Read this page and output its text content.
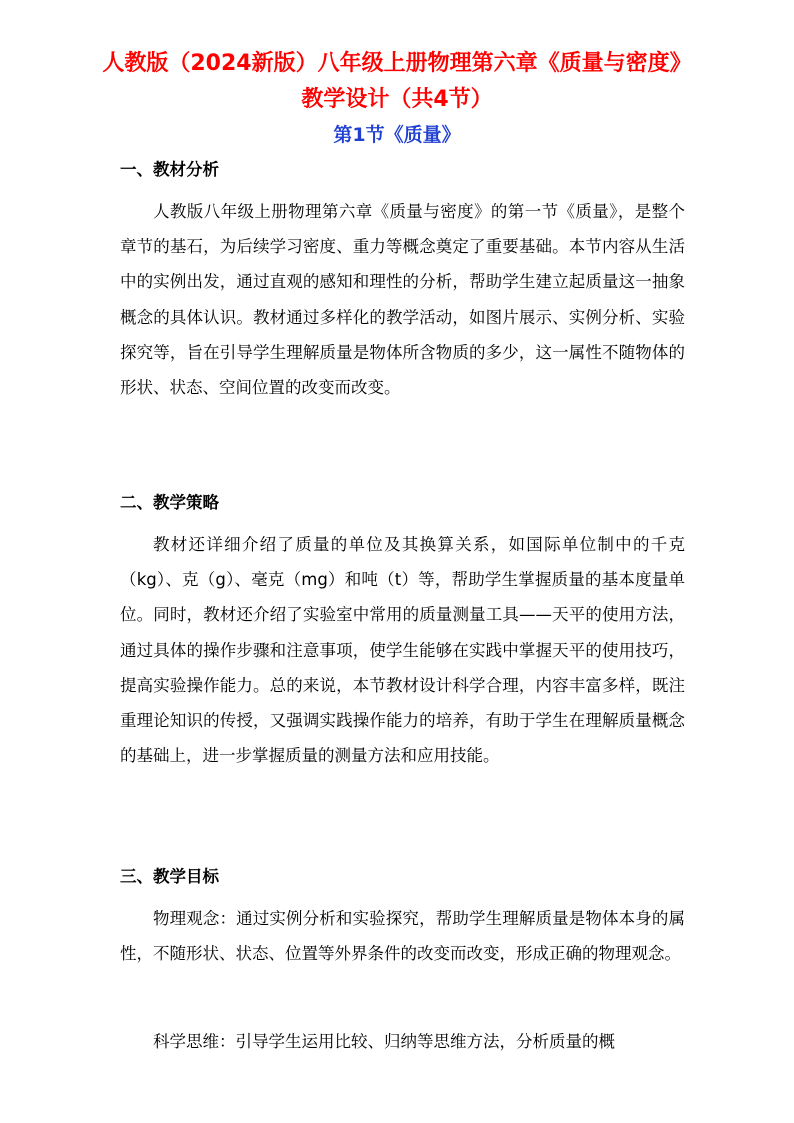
人教版（2024新版）八年级上册物理第六章《质量与密度》教学设计（共4节）
第1节《质量》
一、教材分析

人教版八年级上册物理第六章《质量与密度》的第一节《质量》，是整个章节的基石，为后续学习密度、重力等概念奠定了重要基础。本节内容从生活中的实例出发，通过直观的感知和理性的分析，帮助学生建立起质量这一抽象概念的具体认识。教材通过多样化的教学活动，如图片展示、实例分析、实验探究等，旨在引导学生理解质量是物体所含物质的多少，这一属性不随物体的形状、状态、空间位置的改变而改变。

二、教学策略

教材还详细介绍了质量的单位及其换算关系，如国际单位制中的千克（kg）、克（g）、毫克（mg）和吨（t）等，帮助学生掌握质量的基本度量单位。同时，教材还介绍了实验室中常用的质量测量工具——天平的使用方法，通过具体的操作步骤和注意事项，使学生能够在实践中掌握天平的使用技巧，提高实验操作能力。总的来说，本节教材设计科学合理，内容丰富多样，既注重理论知识的传授，又强调实践操作能力的培养，有助于学生在理解质量概念的基础上，进一步掌握质量的测量方法和应用技能。

三、教学目标

物理观念：通过实例分析和实验探究，帮助学生理解质量是物体本身的属性，不随形状、状态、位置等外界条件的改变而改变，形成正确的物理观念。

科学思维：引导学生运用比较、归纳等思维方法，分析质量的概
